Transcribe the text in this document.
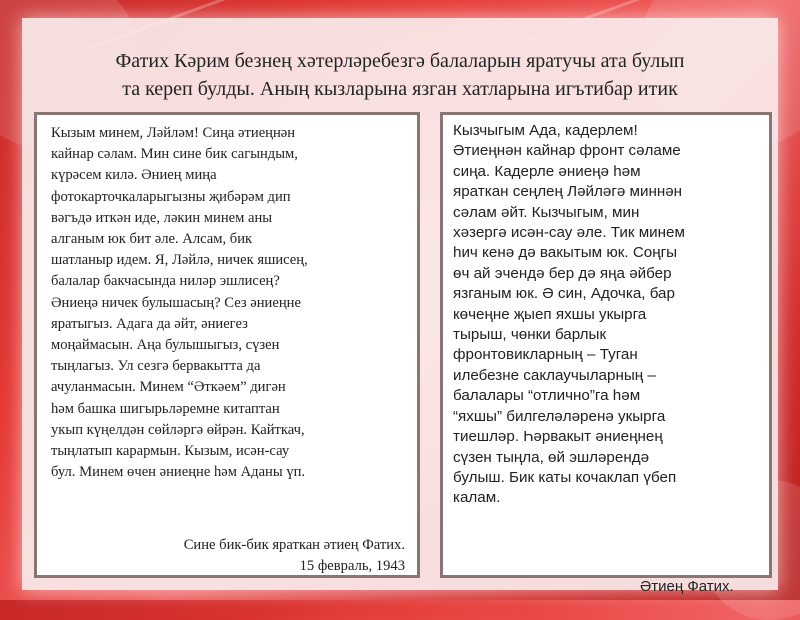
Фатих Кәрим безнең хәтерләребезгә балаларын яратучы ата булып
та кереп булды. Аның кызларына язган хатларына игътибар итик
Кызым минем, Ләйләм! Сиңа әтиеңнән
кайнар сәлам. Мин сине бик сагындым,
күрәсем килә. Әниең миңа
фотокарточкаларыгызны җибәрәм дип
вәгъдә иткән иде, ләкин минем аны
алганым юк бит әле. Алсам, бик
шатланыр идем. Я, Ләйлә, ничек яшисең,
балалар бакчасында ниләр эшлисең?
Әниеңә ничек булышасың? Сез әниеңне
яратыгыз. Адага да әйт, әниегез
моңаймасын. Аңа булышыгыз, сүзен
тыңлагыз. Ул сезгә бервакытта да
ачуланмасын. Минем “Әткәем” дигән
һәм башка шигырьләремне китаптан
укып күңелдән сөйләргә өйрән. Кайткач,
тыңлатып карармын. Кызым, исән-сау
бул. Минем өчен әниеңне һәм Аданы үп.
Сине бик-бик яраткан әтиең Фатих.
15 февраль, 1943
Кызчыгым Ада, кадерлем!
Әтиеңнән кайнар фронт сәламе
сиңа. Кадерле әниеңә һәм
яраткан сеңлең Ләйләгә миннән
сәлам әйт. Кызчыгым, мин
хәзергә исән-сау әле. Тик минем
һич кенә дә вакытым юк. Соңгы
өч ай эчендә бер дә яңа әйбер
язганым юк. Ә син, Адочка, бар
көчеңне җыеп яхшы укырга
тырыш, чөнки барлык
фронтовикларның – Туган
илебезне саклаучыларның –
балалары “отлично”га һәм
“яхшы” билгеләләренә укырга
тиешләр. Һәрвакыт әниеңнең
сүзен тыңла, өй эшләрендә
булыш. Бик каты кочаклап үбеп
калам.
Әтиең Фатих.
